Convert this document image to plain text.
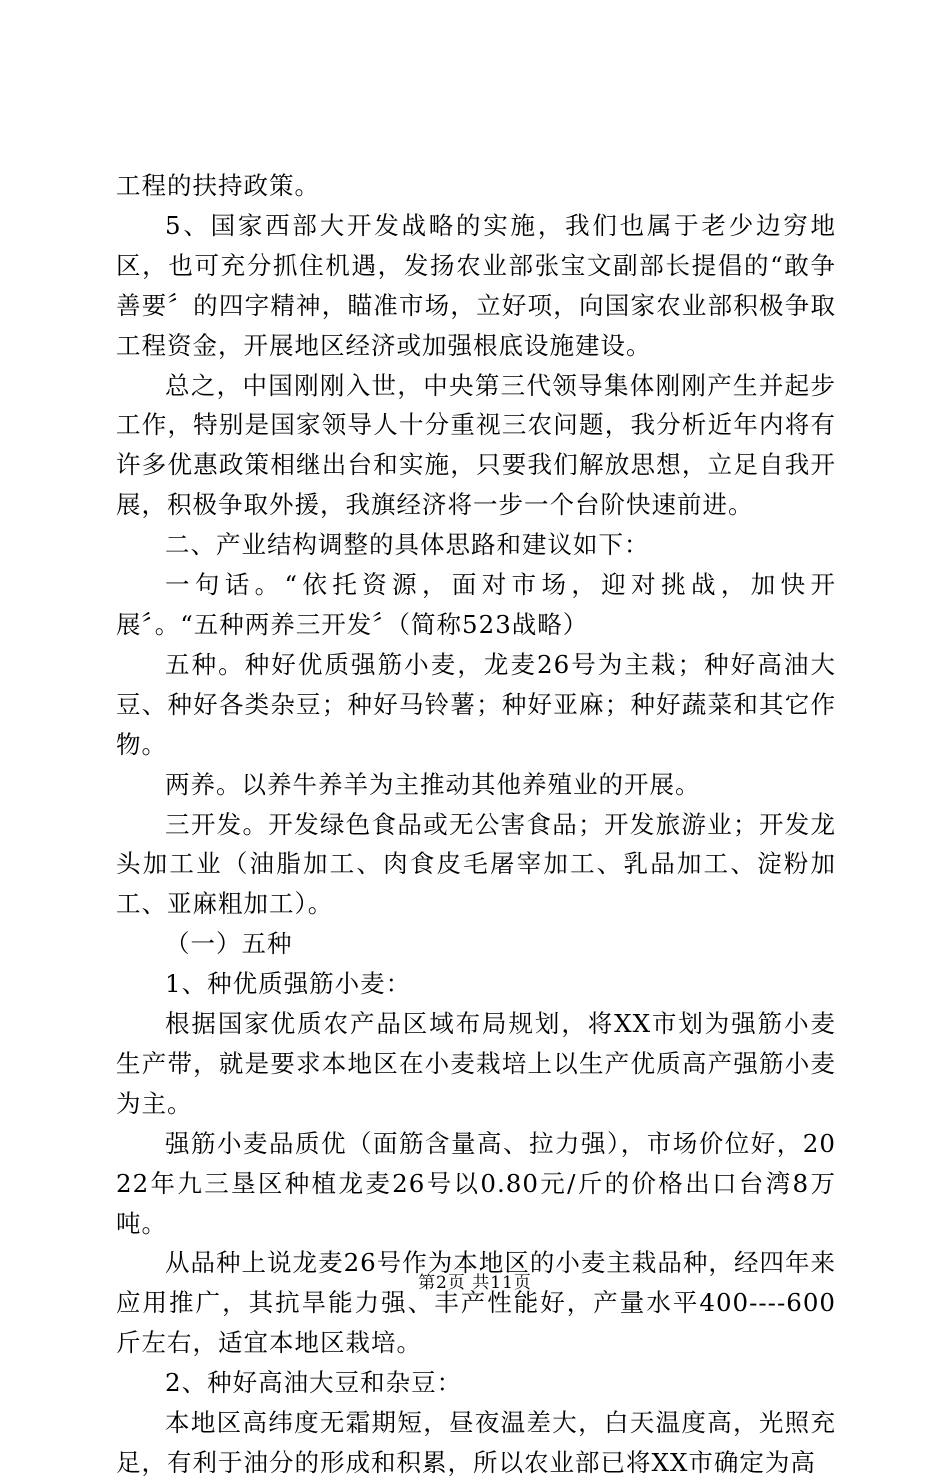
工程的扶持政策。

5、国家西部大开发战略的实施，我们也属于老少边穷地区，也可充分抓住机遇，发扬农业部张宝文副部长提倡的“敢争善要〞的四字精神，瞄准市场，立好项，向国家农业部积极争取工程资金，开展地区经济或加强根底设施建设。

总之，中国刚刚入世，中央第三代领导集体刚刚产生并起步工作，特别是国家领导人十分重视三农问题，我分析近年内将有许多优惠政策相继出台和实施，只要我们解放思想，立足自我开展，积极争取外援，我旗经济将一步一个台阶快速前进。

二、产业结构调整的具体思路和建议如下：

一句话。“依托资源，面对市场，迎对挑战，加快开展〞。“五种两养三开发〞（简称523战略）

五种。种好优质强筋小麦，龙麦26号为主栽；种好高油大豆、种好各类杂豆；种好马铃薯；种好亚麻；种好蔬菜和其它作物。

两养。以养牛养羊为主推动其他养殖业的开展。

三开发。开发绿色食品或无公害食品；开发旅游业；开发龙头加工业（油脂加工、肉食皮毛屠宰加工、乳品加工、淀粉加工、亚麻粗加工）。

（一）五种

1、种优质强筋小麦：

根据国家优质农产品区域布局规划，将XX市划为强筋小麦生产带，就是要求本地区在小麦栽培上以生产优质高产强筋小麦为主。

强筋小麦品质优（面筋含量高、拉力强），市场价位好，2022年九三垦区种植龙麦26号以0.80元/斤的价格出口台湾8万吨。

从品种上说龙麦26号作为本地区的小麦主栽品种，经四年来应用推广，其抗旱能力强、丰产性能好，产量水平400----600斤左右，适宜本地区栽培。

2、种好高油大豆和杂豆：

本地区高纬度无霜期短，昼夜温差大，白天温度高，光照充足，有利于油分的形成和积累，所以农业部已将XX市确定为高

第2页 共11页
